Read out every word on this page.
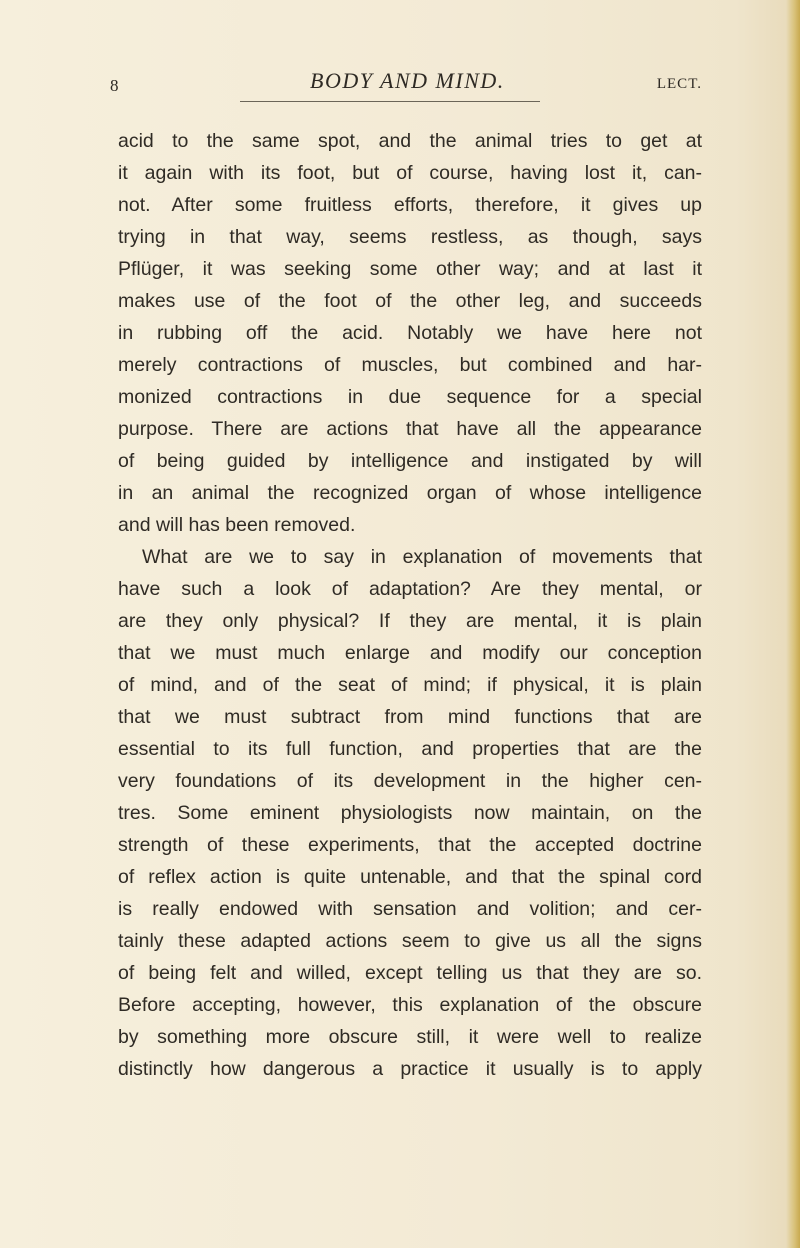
8	BODY AND MIND.	LECT.
acid to the same spot, and the animal tries to get at
it again with its foot, but of course, having lost it, can-
not. After some fruitless efforts, therefore, it gives up
trying in that way, seems restless, as though, says
Pflüger, it was seeking some other way; and at last it
makes use of the foot of the other leg, and succeeds
in rubbing off the acid. Notably we have here not
merely contractions of muscles, but combined and har-
monized contractions in due sequence for a special
purpose. There are actions that have all the appearance
of being guided by intelligence and instigated by will
in an animal the recognized organ of whose intelligence
and will has been removed.
What are we to say in explanation of movements that
have such a look of adaptation? Are they mental, or
are they only physical? If they are mental, it is plain
that we must much enlarge and modify our conception
of mind, and of the seat of mind; if physical, it is plain
that we must subtract from mind functions that are
essential to its full function, and properties that are the
very foundations of its development in the higher cen-
tres. Some eminent physiologists now maintain, on the
strength of these experiments, that the accepted doctrine
of reflex action is quite untenable, and that the spinal cord
is really endowed with sensation and volition; and cer-
tainly these adapted actions seem to give us all the signs
of being felt and willed, except telling us that they are so.
Before accepting, however, this explanation of the obscure
by something more obscure still, it were well to realize
distinctly how dangerous a practice it usually is to apply
